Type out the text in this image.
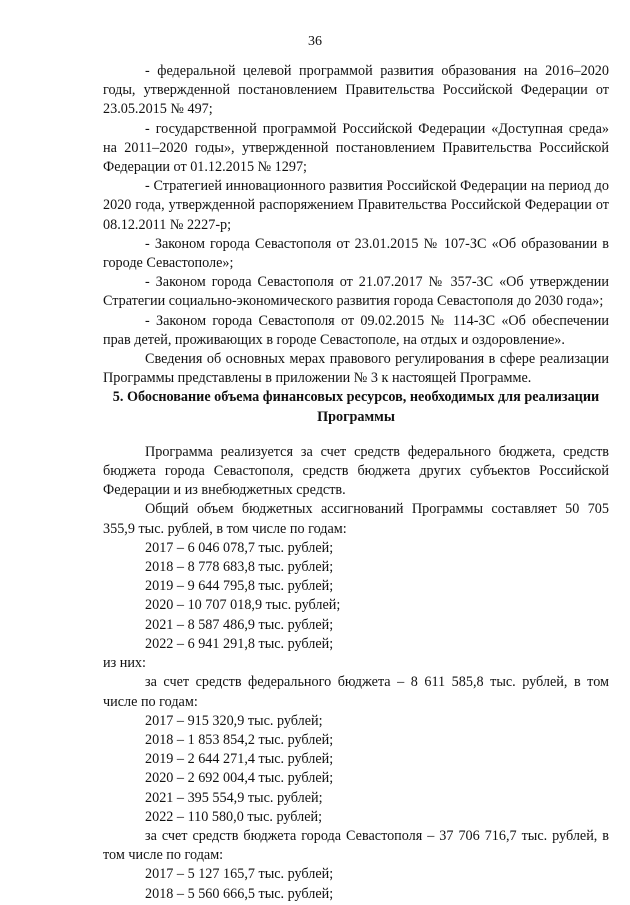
36

- федеральной целевой программой развития образования на 2016–2020 годы, утвержденной постановлением Правительства Российской Федерации от 23.05.2015 № 497;

- государственной программой Российской Федерации «Доступная среда» на 2011–2020 годы», утвержденной постановлением Правительства Российской Федерации от 01.12.2015 № 1297;

- Стратегией инновационного развития Российской Федерации на период до 2020 года, утвержденной распоряжением Правительства Российской Федерации от 08.12.2011 № 2227-р;

- Законом города Севастополя от 23.01.2015 № 107-ЗС «Об образовании в городе Севастополе»;

- Законом города Севастополя от 21.07.2017 № 357-ЗС «Об утверждении Стратегии социально-экономического развития города Севастополя до 2030 года»;

- Законом города Севастополя от 09.02.2015 № 114-ЗС «Об обеспечении прав детей, проживающих в городе Севастополе, на отдых и оздоровление».

Сведения об основных мерах правового регулирования в сфере реализации Программы представлены в приложении № 3 к настоящей Программе.

5. Обоснование объема финансовых ресурсов, необходимых для реализации Программы

Программа реализуется за счет средств федерального бюджета, средств бюджета города Севастополя, средств бюджета других субъектов Российской Федерации и из внебюджетных средств.

Общий объем бюджетных ассигнований Программы составляет 50 705 355,9 тыс. рублей, в том числе по годам:

2017 – 6 046 078,7 тыс. рублей;

2018 – 8 778 683,8 тыс. рублей;

2019 – 9 644 795,8 тыс. рублей;

2020 – 10 707 018,9 тыс. рублей;

2021 – 8 587 486,9 тыс. рублей;

2022 – 6 941 291,8 тыс. рублей;

из них:

за счет средств федерального бюджета – 8 611 585,8 тыс. рублей, в том числе по годам:

2017 – 915 320,9 тыс. рублей;

2018 – 1 853 854,2 тыс. рублей;

2019 – 2 644 271,4 тыс. рублей;

2020 – 2 692 004,4 тыс. рублей;

2021 – 395 554,9 тыс. рублей;

2022 – 110 580,0 тыс. рублей;

за счет средств бюджета города Севастополя – 37 706 716,7 тыс. рублей, в том числе по годам:

2017 – 5 127 165,7 тыс. рублей;

2018 – 5 560 666,5 тыс. рублей;
